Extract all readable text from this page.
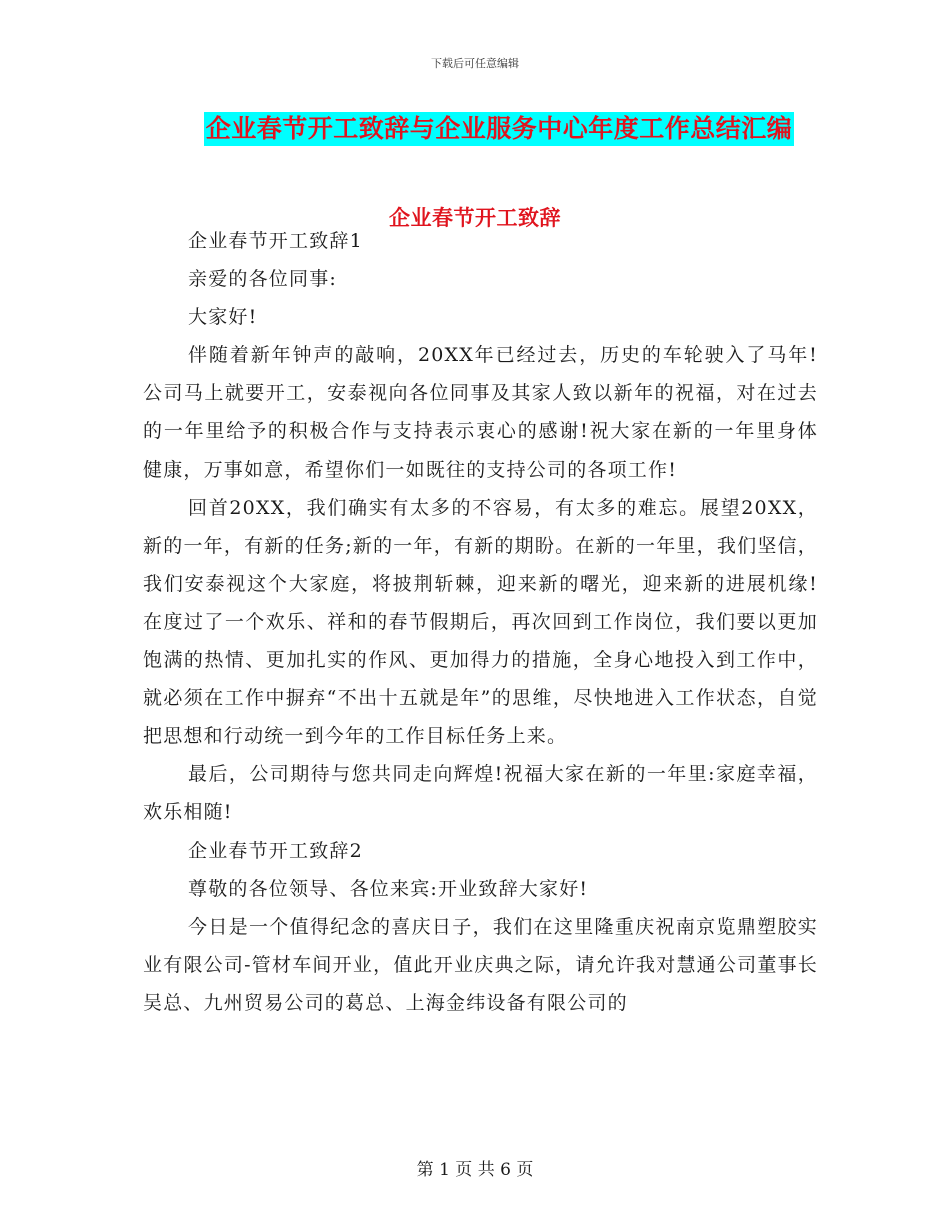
下载后可任意编辑
企业春节开工致辞与企业服务中心年度工作总结汇编
企业春节开工致辞

企业春节开工致辞1

亲爱的各位同事:

大家好!

伴随着新年钟声的敲响，20XX年已经过去，历史的车轮驶入了马年!公司马上就要开工，安泰视向各位同事及其家人致以新年的祝福，对在过去的一年里给予的积极合作与支持表示衷心的感谢!祝大家在新的一年里身体健康，万事如意，希望你们一如既往的支持公司的各项工作!

回首20XX，我们确实有太多的不容易，有太多的难忘。展望20XX，新的一年，有新的任务;新的一年，有新的期盼。在新的一年里，我们坚信，我们安泰视这个大家庭，将披荆斩棘，迎来新的曙光，迎来新的进展机缘!在度过了一个欢乐、祥和的春节假期后，再次回到工作岗位，我们要以更加饱满的热情、更加扎实的作风、更加得力的措施，全身心地投入到工作中，就必须在工作中摒弃“不出十五就是年”的思维，尽快地进入工作状态，自觉把思想和行动统一到今年的工作目标任务上来。

最后，公司期待与您共同走向辉煌!祝福大家在新的一年里:家庭幸福，欢乐相随!

企业春节开工致辞2

尊敬的各位领导、各位来宾:开业致辞大家好!

今日是一个值得纪念的喜庆日子，我们在这里隆重庆祝南京览鼎塑胶实业有限公司-管材车间开业，值此开业庆典之际，请允许我对慧通公司董事长吴总、九州贸易公司的葛总、上海金纬设备有限公司的

第 1 页 共 6 页
